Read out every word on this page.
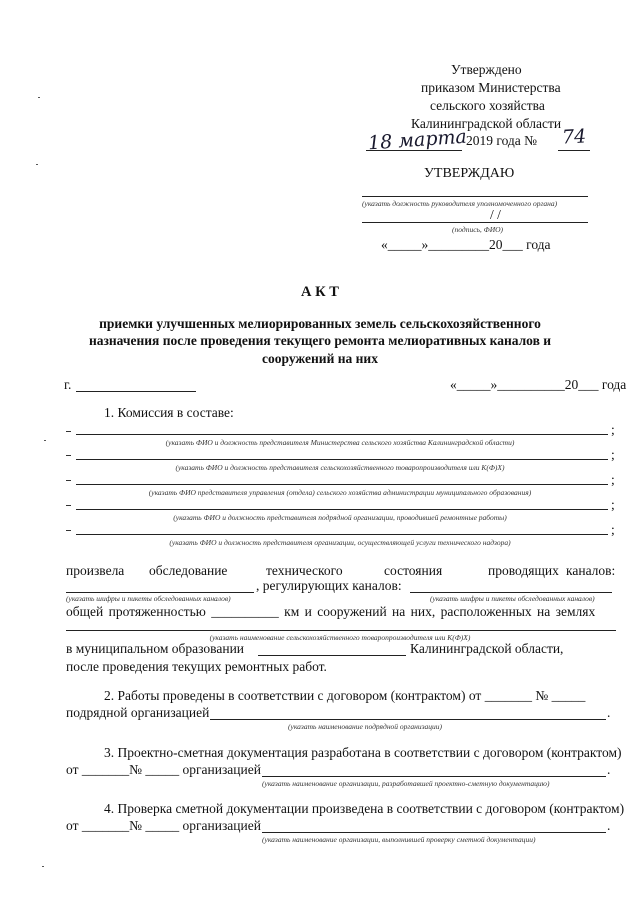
Утверждено
приказом Министерства
сельского хозяйства
Калининградской области
18 марта
2019 года № 74
УТВЕРЖДАЮ
(указать должность руководителя уполномоченного органа)
/ /
(подпись, ФИО)
«_____»_________20___ года
А К Т
приемки улучшенных мелиорированных земель сельскохозяйственного
назначения после проведения текущего ремонта мелиоративных каналов и
сооружений на них
г.	«_____»__________20___ года
1. Комиссия в составе:
;
(указать ФИО и должность представителя Министерства сельского хозяйства Калининградской области)
;
(указать ФИО и должность представителя сельскохозяйственного товаропроизводителя или К(Ф)Х)
;
(указать ФИО представителя управления (отдела) сельского хозяйства администрации муниципального образования)
;
(указать ФИО и должность представителя подрядной организации, проводившей ремонтные работы)
;
(указать ФИО и должность представителя организации, осуществляющей услуги технического надзора)
произвела обследование	технического	состояния	проводящих каналов:
, регулирующих каналов:
(указать шифры и пикеты обследованных каналов)	(указать шифры и пикеты обследованных каналов)
общей протяженностью __________ км и сооружений на них, расположенных на землях
(указать наименование сельскохозяйственного товаропроизводителя или К(Ф)Х)
в муниципальном образовании	Калининградской области,
после проведения текущих ремонтных работ.
2. Работы проведены в соответствии с договором (контрактом) от _______ № _____
подрядной организацией	.
(указать наименование подрядной организации)
3. Проектно-сметная документация разработана в соответствии с договором (контрактом)
от _______№ _____ организацией	.
(указать наименование организации, разработавшей проектно-сметную документацию)
4. Проверка сметной документации произведена в соответствии с договором (контрактом)
от _______№ _____ организацией	.
(указать наименование организации, выполнившей проверку сметной документации)
